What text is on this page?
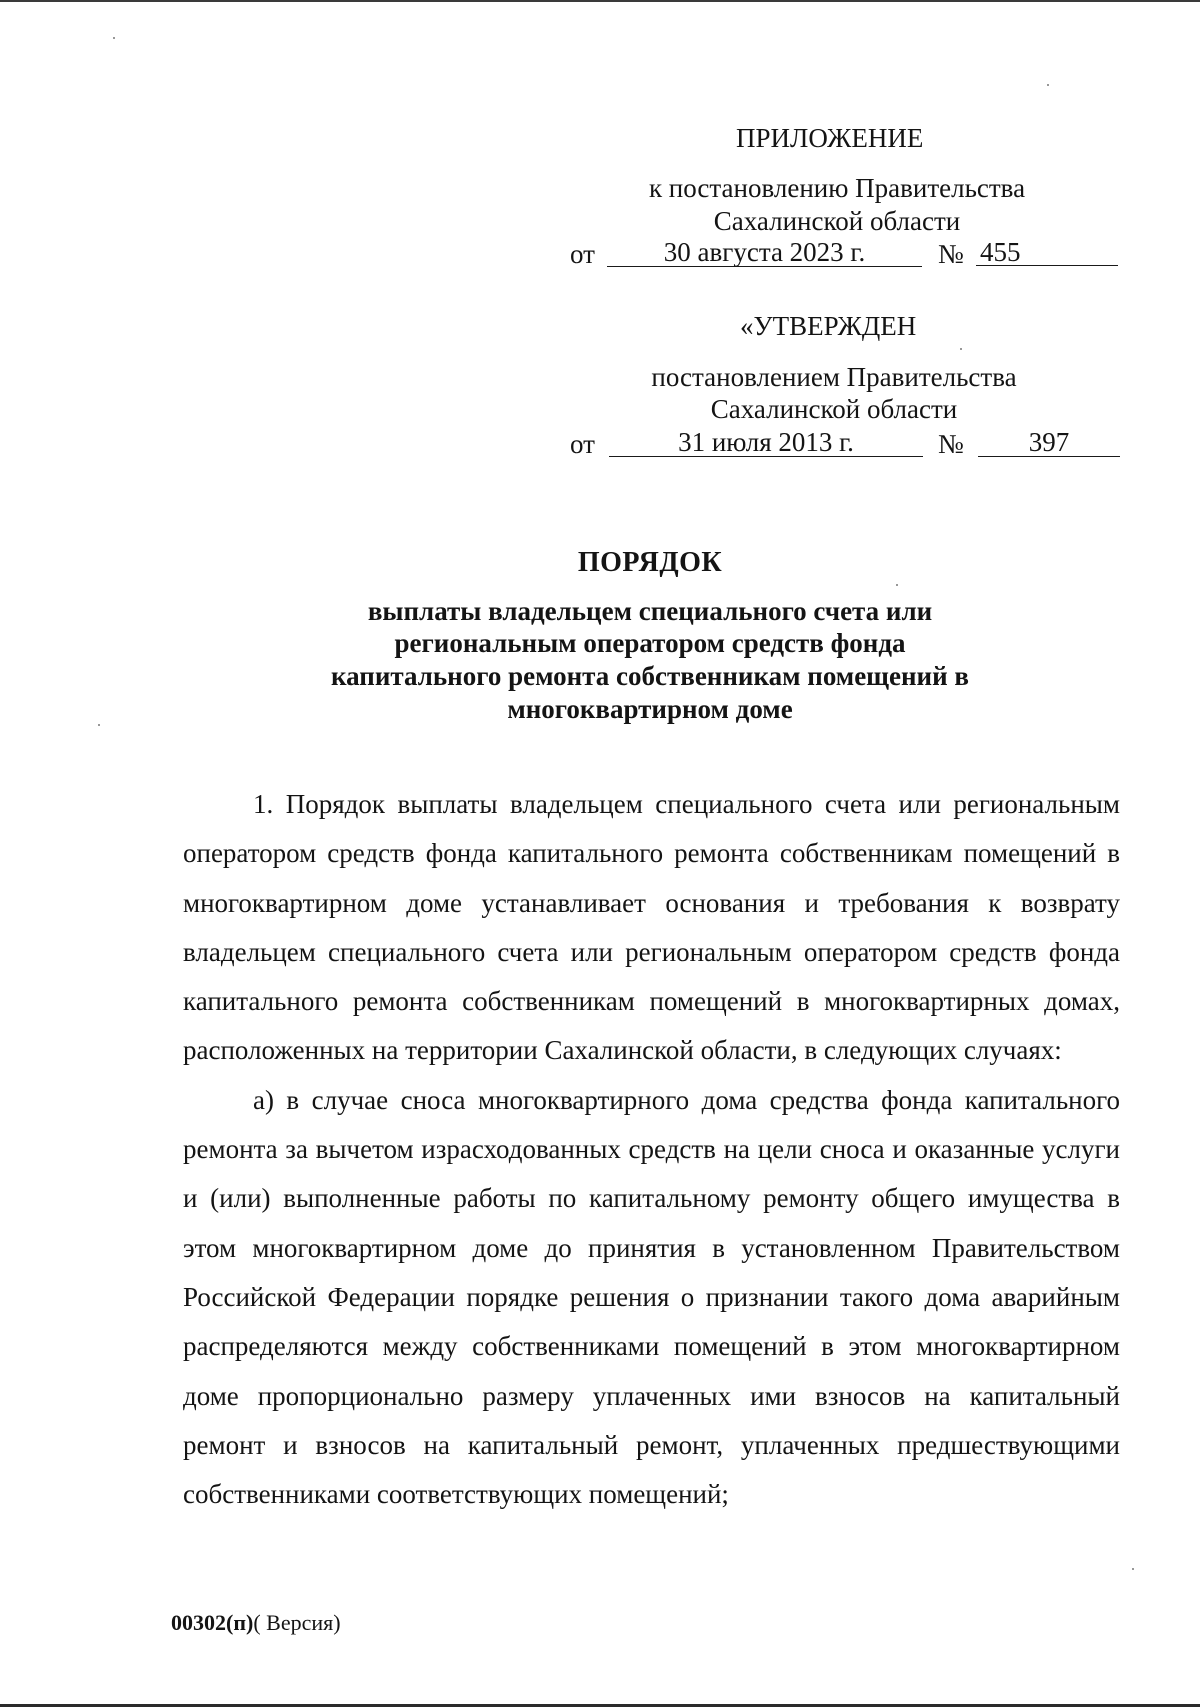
ПРИЛОЖЕНИЕ
к постановлению Правительства
Сахалинской области
от	30 августа 2023 г.	№ 455
«УТВЕРЖДЕН
постановлением Правительства
Сахалинской области
от	31 июля 2013 г.	№	397
ПОРЯДОК
выплаты владельцем специального счета или
региональным оператором средств фонда
капитального ремонта собственникам помещений в
многоквартирном доме

1. Порядок выплаты владельцем специального счета или региональным оператором средств фонда капитального ремонта собственникам помещений в многоквартирном доме устанавливает основания и требования к возврату владельцем специального счета или региональным оператором средств фонда капитального ремонта собственникам помещений в многоквартирных домах, расположенных на территории Сахалинской области, в следующих случаях:

а) в случае сноса многоквартирного дома средства фонда капитального ремонта за вычетом израсходованных средств на цели сноса и оказанные услуги и (или) выполненные работы по капитальному ремонту общего имущества в этом многоквартирном доме до принятия в установленном Правительством Российской Федерации порядке решения о признании такого дома аварийным распределяются между собственниками помещений в этом многоквартирном доме пропорционально размеру уплаченных ими взносов на капитальный ремонт и взносов на капитальный ремонт, уплаченных предшествующими собственниками соответствующих помещений;

00302(п)( Версия)
